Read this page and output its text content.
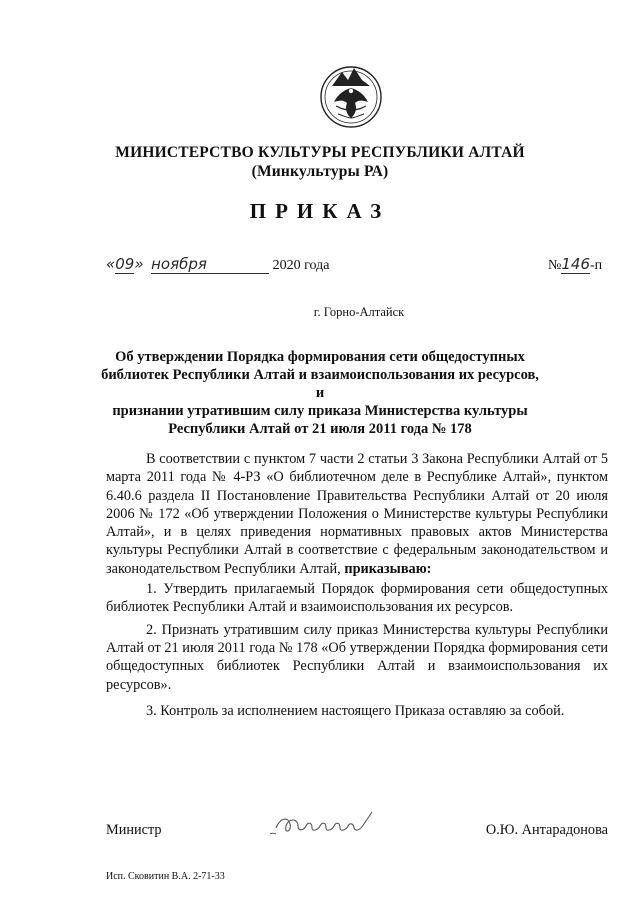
МИНИСТЕРСТВО КУЛЬТУРЫ РЕСПУБЛИКИ АЛТАЙ
(Минкультуры РА)
ПРИКАЗ
«09» ноября	2020 года	№146-п
г. Горно-Алтайск
Об утверждении Порядка формирования сети общедоступных
библиотек Республики Алтай и взаимоиспользования их ресурсов, и
признании утратившим силу приказа Министерства культуры
Республики Алтай от 21 июля 2011 года № 178

В соответствии с пунктом 7 части 2 статьи 3 Закона Республики Алтай от 5 марта 2011 года № 4-РЗ «О библиотечном деле в Республике Алтай», пунктом 6.40.6 раздела II Постановление Правительства Республики Алтай от 20 июля 2006 № 172 «Об утверждении Положения о Министерстве культуры Республики Алтай», и в целях приведения нормативных правовых актов Министерства культуры Республики Алтай в соответствие с федеральным законодательством и законодательством Республики Алтай, приказываю:

1. Утвердить прилагаемый Порядок формирования сети общедоступных библиотек Республики Алтай и взаимоиспользования их ресурсов.

2. Признать утратившим силу приказ Министерства культуры Республики Алтай от 21 июля 2011 года № 178 «Об утверждении Порядка формирования сети общедоступных библиотек Республики Алтай и взаимоиспользования их ресурсов».

3. Контроль за исполнением настоящего Приказа оставляю за собой.

Министр	О.Ю. Антарадонова
Исп. Сковитин В.А. 2-71-33
